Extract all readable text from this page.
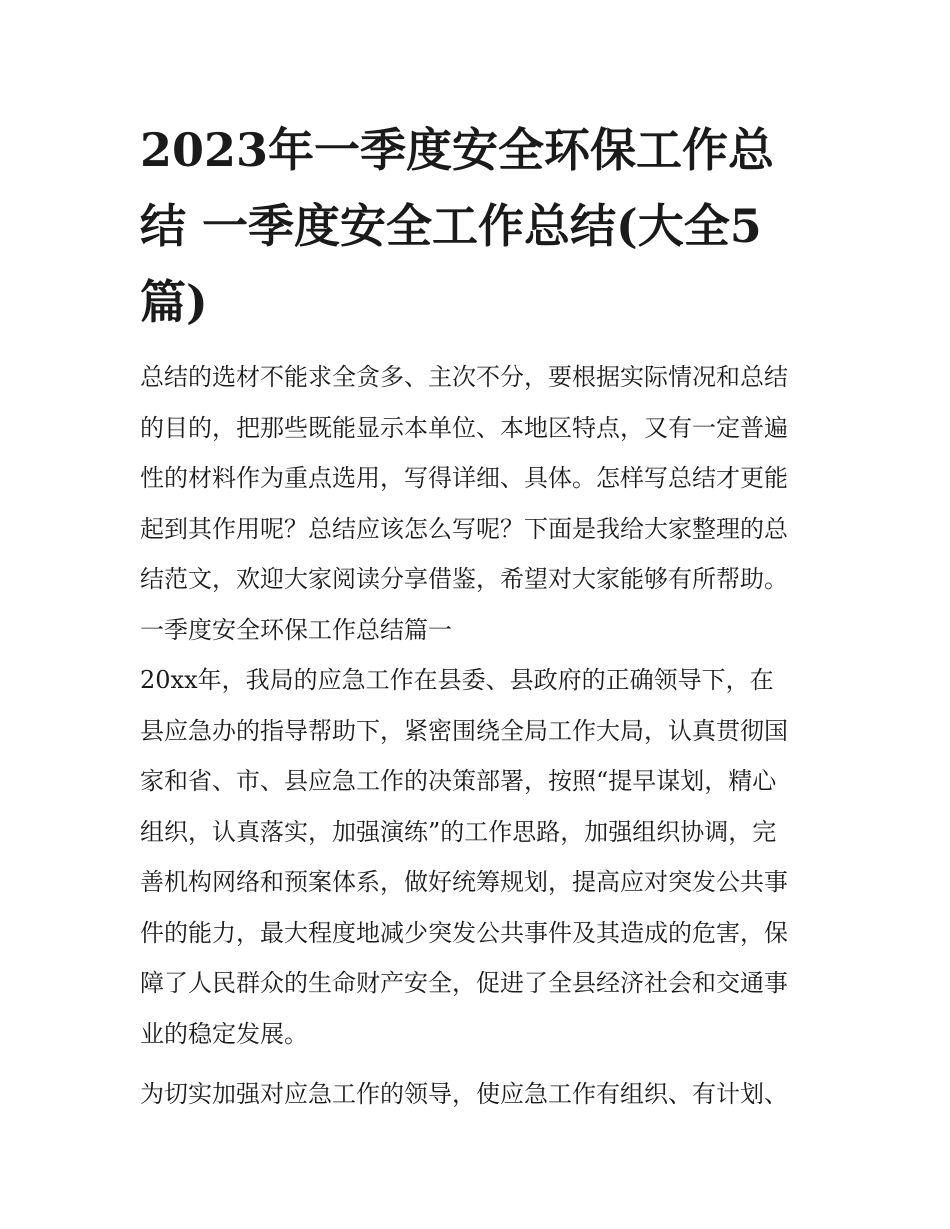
2023年一季度安全环保工作总
结 一季度安全工作总结(大全5
篇)
总结的选材不能求全贪多、主次不分，要根据实际情况和总结
的目的，把那些既能显示本单位、本地区特点，又有一定普遍
性的材料作为重点选用，写得详细、具体。怎样写总结才更能
起到其作用呢？总结应该怎么写呢？下面是我给大家整理的总
结范文，欢迎大家阅读分享借鉴，希望对大家能够有所帮助。
一季度安全环保工作总结篇一
20xx年，我局的应急工作在县委、县政府的正确领导下，在
县应急办的指导帮助下，紧密围绕全局工作大局，认真贯彻国
家和省、市、县应急工作的决策部署，按照“提早谋划，精心
组织，认真落实，加强演练”的工作思路，加强组织协调，完
善机构网络和预案体系，做好统筹规划，提高应对突发公共事
件的能力，最大程度地减少突发公共事件及其造成的危害，保
障了人民群众的生命财产安全，促进了全县经济社会和交通事
业的稳定发展。
为切实加强对应急工作的领导，使应急工作有组织、有计划、
